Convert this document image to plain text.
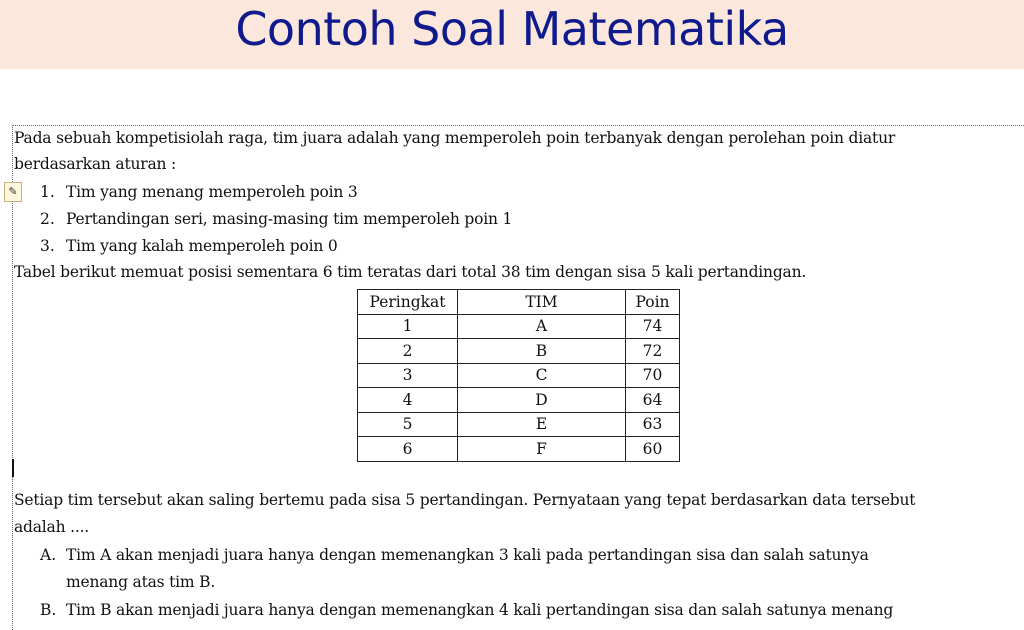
Contoh Soal Matematika
Pada sebuah kompetisiolah raga, tim juara adalah yang memperoleh poin terbanyak dengan perolehan poin diatur
berdasarkan aturan :
✎ 1. Tim yang menang memperoleh poin 3
2. Pertandingan seri, masing-masing tim memperoleh poin 1
3. Tim yang kalah memperoleh poin 0
Tabel berikut memuat posisi sementara 6 tim teratas dari total 38 tim dengan sisa 5 kali pertandingan.
Peringkat	TIM	Poin
1	A	74
2	B	72
3	C	70
4	D	64
5	E	63
6	F	60
Setiap tim tersebut akan saling bertemu pada sisa 5 pertandingan. Pernyataan yang tepat berdasarkan data tersebut
adalah ....
A. Tim A akan menjadi juara hanya dengan memenangkan 3 kali pada pertandingan sisa dan salah satunya
menang atas tim B.
B. Tim B akan menjadi juara hanya dengan memenangkan 4 kali pertandingan sisa dan salah satunya menang
